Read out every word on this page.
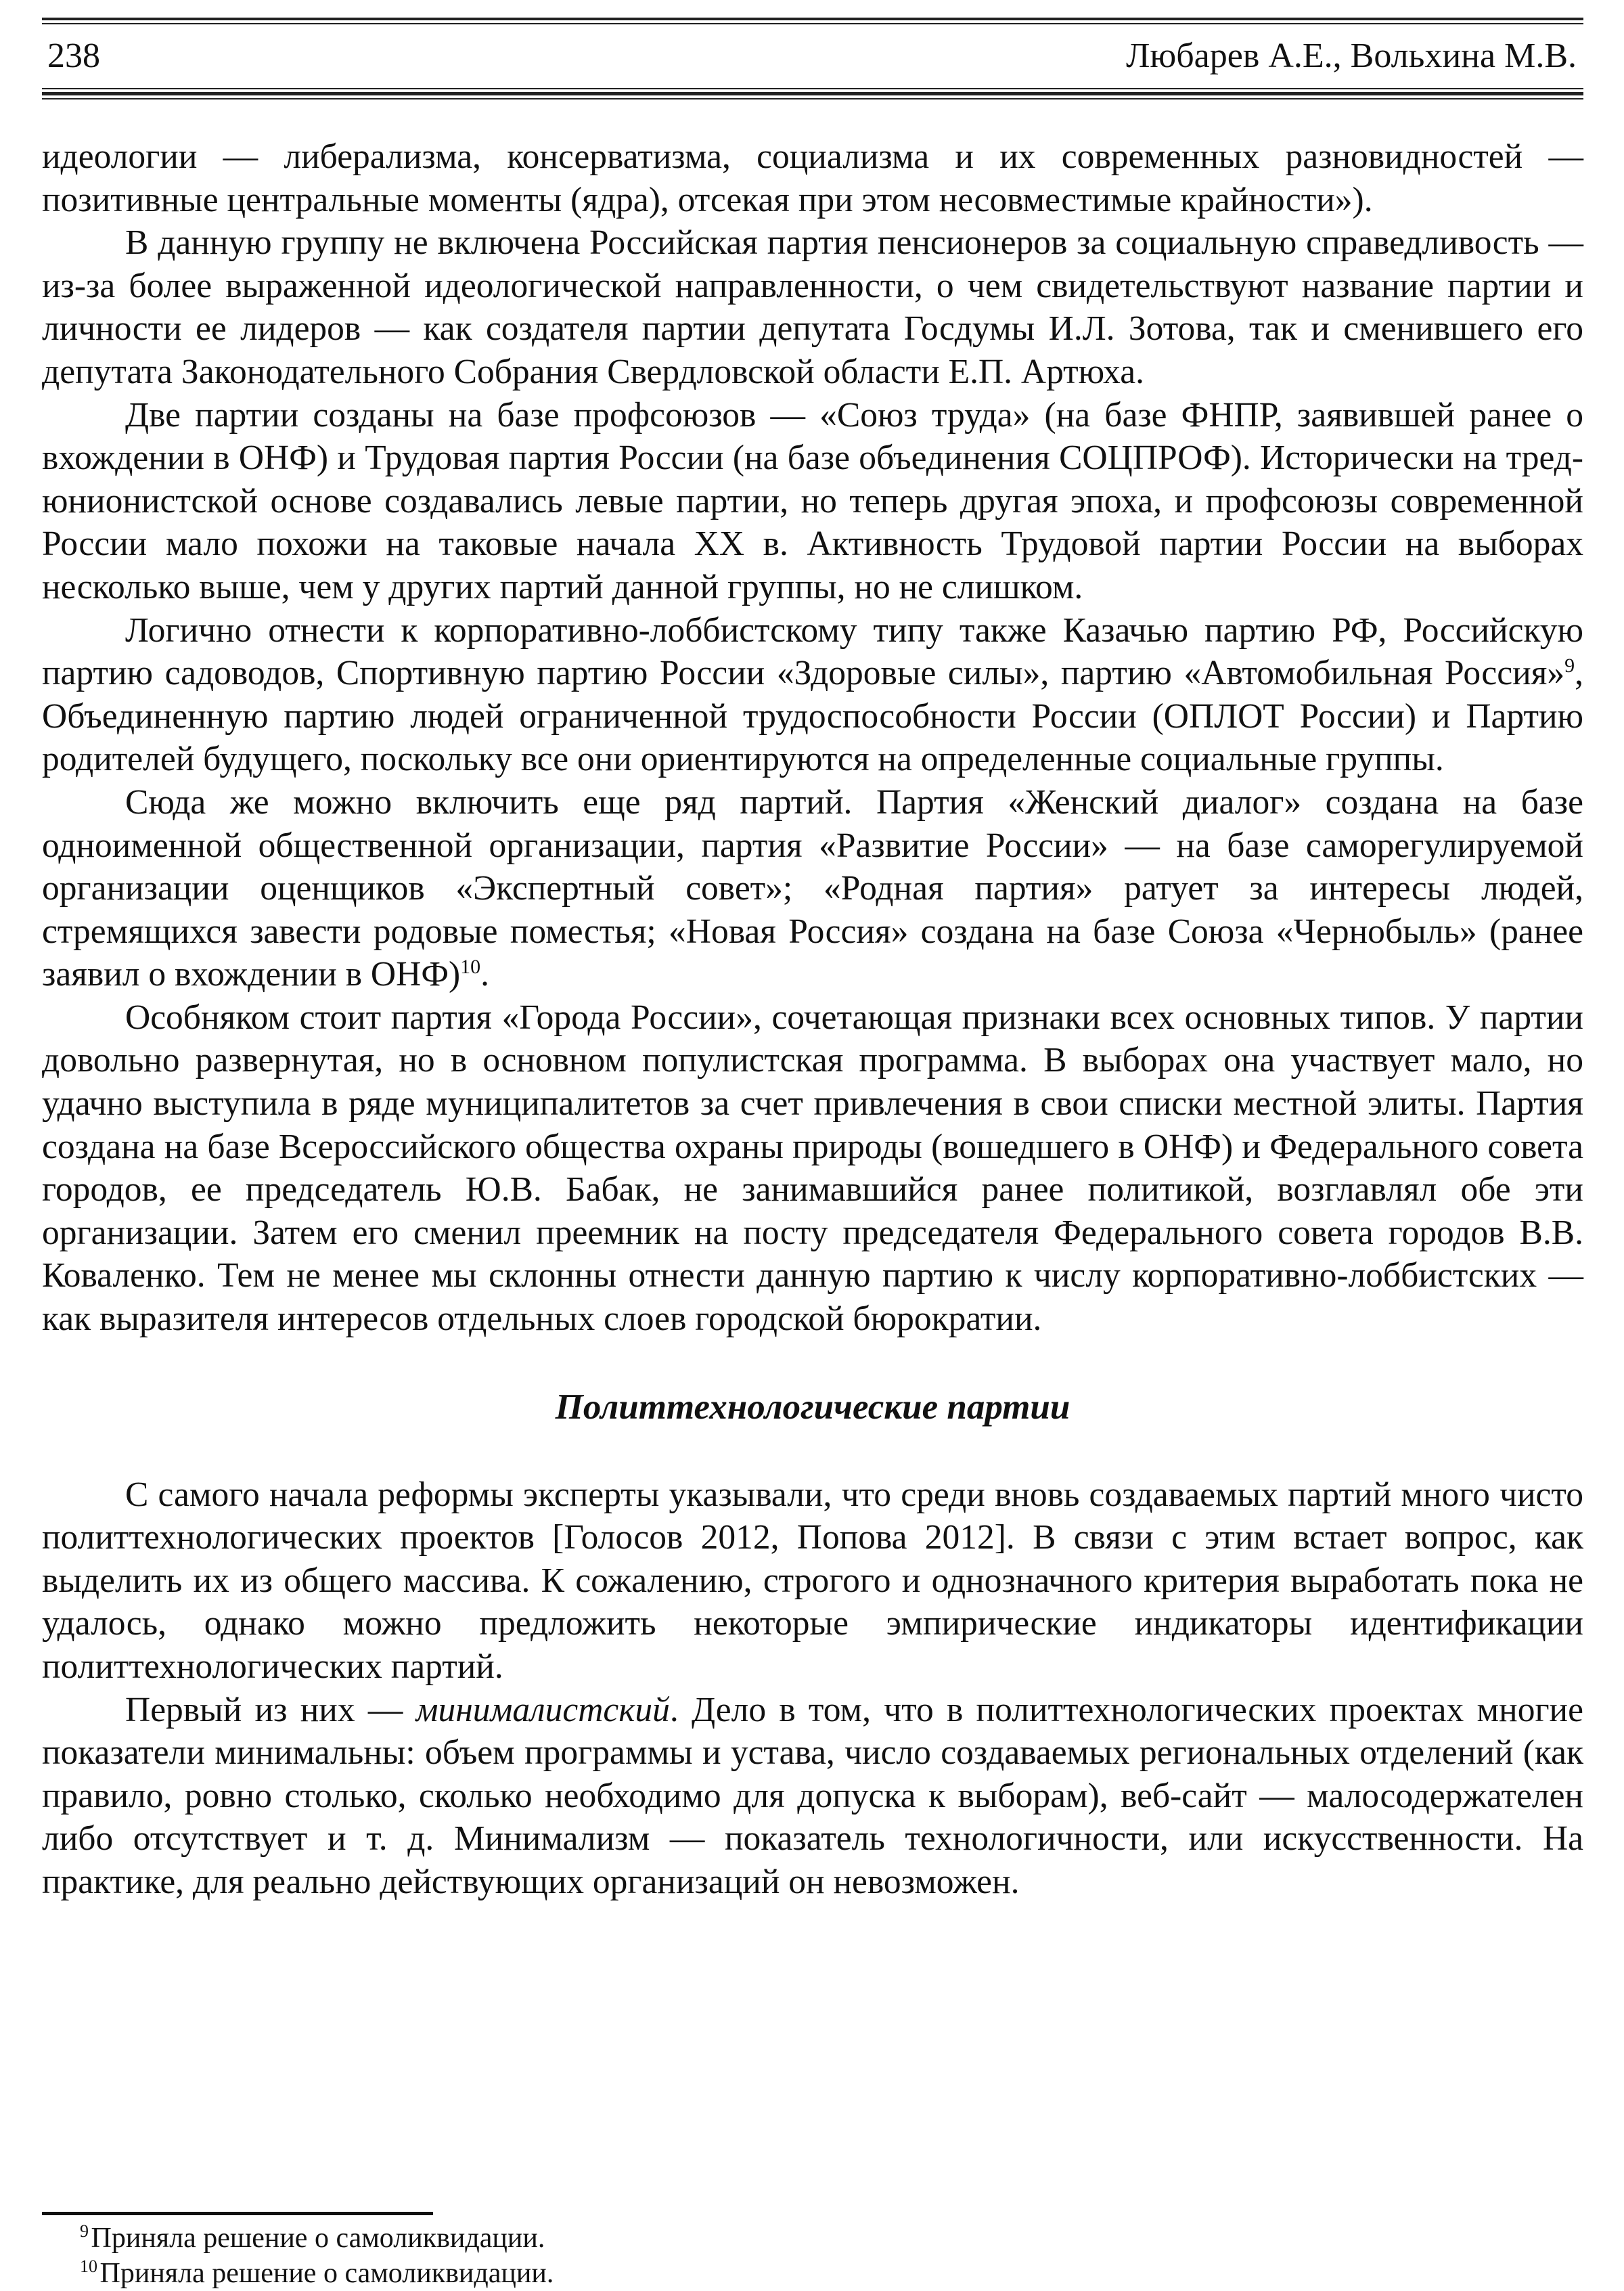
238	Любарев А.Е., Вольхина М.В.

идеологии — либерализма, консерватизма, социализма и их современных разновидностей — позитивные центральные моменты (ядра), отсекая при этом несовместимые крайности»).

В данную группу не включена Российская партия пенсионеров за социальную справедливость — из-за более выраженной идеологической направленности, о чем свидетельствуют название партии и личности ее лидеров — как создателя партии депутата Госдумы И.Л. Зотова, так и сменившего его депутата Законодательного Собрания Свердловской области Е.П. Артюха.

Две партии созданы на базе профсоюзов — «Союз труда» (на базе ФНПР, заявившей ранее о вхождении в ОНФ) и Трудовая партия России (на базе объединения СОЦПРОФ). Исторически на тред-юнионистской основе создавались левые партии, но теперь другая эпоха, и профсоюзы современной России мало похожи на таковые начала XX в. Активность Трудовой партии России на выборах несколько выше, чем у других партий данной группы, но не слишком.

Логично отнести к корпоративно-лоббистскому типу также Казачью партию РФ, Российскую партию садоводов, Спортивную партию России «Здоровые силы», партию «Автомобильная Россия»$^9$, Объединенную партию людей ограниченной трудоспособности России (ОПЛОТ России) и Партию родителей будущего, поскольку все они ориентируются на определенные социальные группы.

Сюда же можно включить еще ряд партий. Партия «Женский диалог» создана на базе одноименной общественной организации, партия «Развитие России» — на базе саморегулируемой организации оценщиков «Экспертный совет»; «Родная партия» ратует за интересы людей, стремящихся завести родовые поместья; «Новая Россия» создана на базе Союза «Чернобыль» (ранее заявил о вхождении в ОНФ)$^{10}$.

Особняком стоит партия «Города России», сочетающая признаки всех основных типов. У партии довольно развернутая, но в основном популистская программа. В выборах она участвует мало, но удачно выступила в ряде муниципалитетов за счет привлечения в свои списки местной элиты. Партия создана на базе Всероссийского общества охраны природы (вошедшего в ОНФ) и Федерального совета городов, ее председатель Ю.В. Бабак, не занимавшийся ранее политикой, возглавлял обе эти организации. Затем его сменил преемник на посту председателя Федерального совета городов В.В. Коваленко. Тем не менее мы склонны отнести данную партию к числу корпоративно-лоббистских — как выразителя интересов отдельных слоев городской бюрократии.

Политтехнологические партии

С самого начала реформы эксперты указывали, что среди вновь создаваемых партий много чисто политтехнологических проектов [Голосов 2012, Попова 2012]. В связи с этим встает вопрос, как выделить их из общего массива. К сожалению, строгого и однозначного критерия выработать пока не удалось, однако можно предложить некоторые эмпирические индикаторы идентификации политтехнологических партий.

Первый из них — минималистский. Дело в том, что в политтехнологических проектах многие показатели минимальны: объем программы и устава, число создаваемых региональных отделений (как правило, ровно столько, сколько необходимо для допуска к выборам), веб-сайт — малосодержателен либо отсутствует и т. д. Минимализм — показатель технологичности, или искусственности. На практике, для реально действующих организаций он невозможен.

$^9$ Приняла решение о самоликвидации.

$^{10}$ Приняла решение о самоликвидации.
